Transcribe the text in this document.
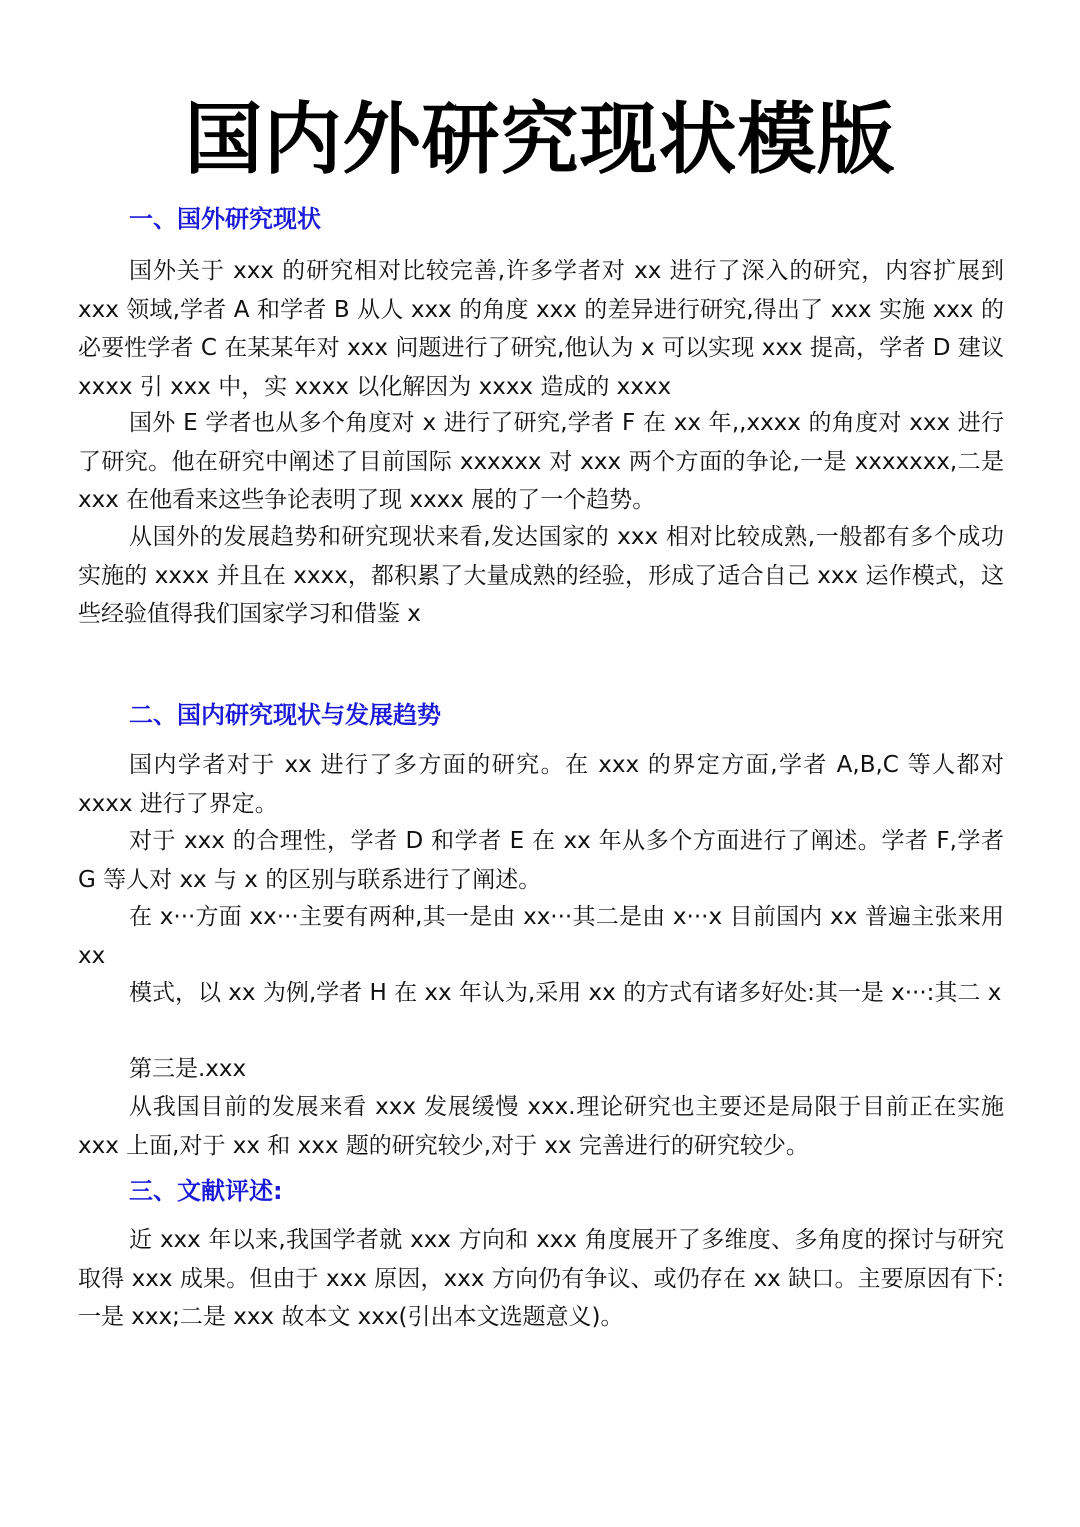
国内外研究现状模版
一、国外研究现状

国外关于 xxx 的研究相对比较完善,许多学者对 xx 进行了深入的研究，内容扩展到 xxx 领域,学者 A 和学者 B 从人 xxx 的角度 xxx 的差异进行研究,得出了 xxx 实施 xxx 的必要性学者 C 在某某年对 xxx 问题进行了研究,他认为 x 可以实现 xxx 提高，学者 D 建议 xxxx 引 xxx 中，实 xxxx 以化解因为 xxxx 造成的 xxxx

国外 E 学者也从多个角度对 x 进行了研究,学者 F 在 xx 年,,xxxx 的角度对 xxx 进行了研究。他在研究中阐述了目前国际 xxxxxx 对 xxx 两个方面的争论,一是 xxxxxxx,二是 xxx 在他看来这些争论表明了现 xxxx 展的了一个趋势。

从国外的发展趋势和研究现状来看,发达国家的 xxx 相对比较成熟,一般都有多个成功实施的 xxxx 并且在 xxxx，都积累了大量成熟的经验，形成了适合自己 xxx 运作模式，这些经验值得我们国家学习和借鉴 x

二、国内研究现状与发展趋势

国内学者对于 xx 进行了多方面的研究。在 xxx 的界定方面,学者 A,B,C 等人都对 xxxx 进行了界定。

对于 xxx 的合理性，学者 D 和学者 E 在 xx 年从多个方面进行了阐述。学者 F,学者 G 等人对 xx 与 x 的区别与联系进行了阐述。

在 x···方面 xx···主要有两种,其一是由 xx···其二是由 x···x 目前国内 xx 普遍主张来用 xx

模式，以 xx 为例,学者 H 在 xx 年认为,采用 xx 的方式有诸多好处:其一是 x···:其二 x

第三是.xxx

从我国目前的发展来看 xxx 发展缓慢 xxx.理论研究也主要还是局限于目前正在实施 xxx 上面,对于 xx 和 xxx 题的研究较少,对于 xx 完善进行的研究较少。

三、文献评述:

近 xxx 年以来,我国学者就 xxx 方向和 xxx 角度展开了多维度、多角度的探讨与研究取得 xxx 成果。但由于 xxx 原因，xxx 方向仍有争议、或仍存在 xx 缺口。主要原因有下:一是 xxx;二是 xxx 故本文 xxx(引出本文选题意义)。
